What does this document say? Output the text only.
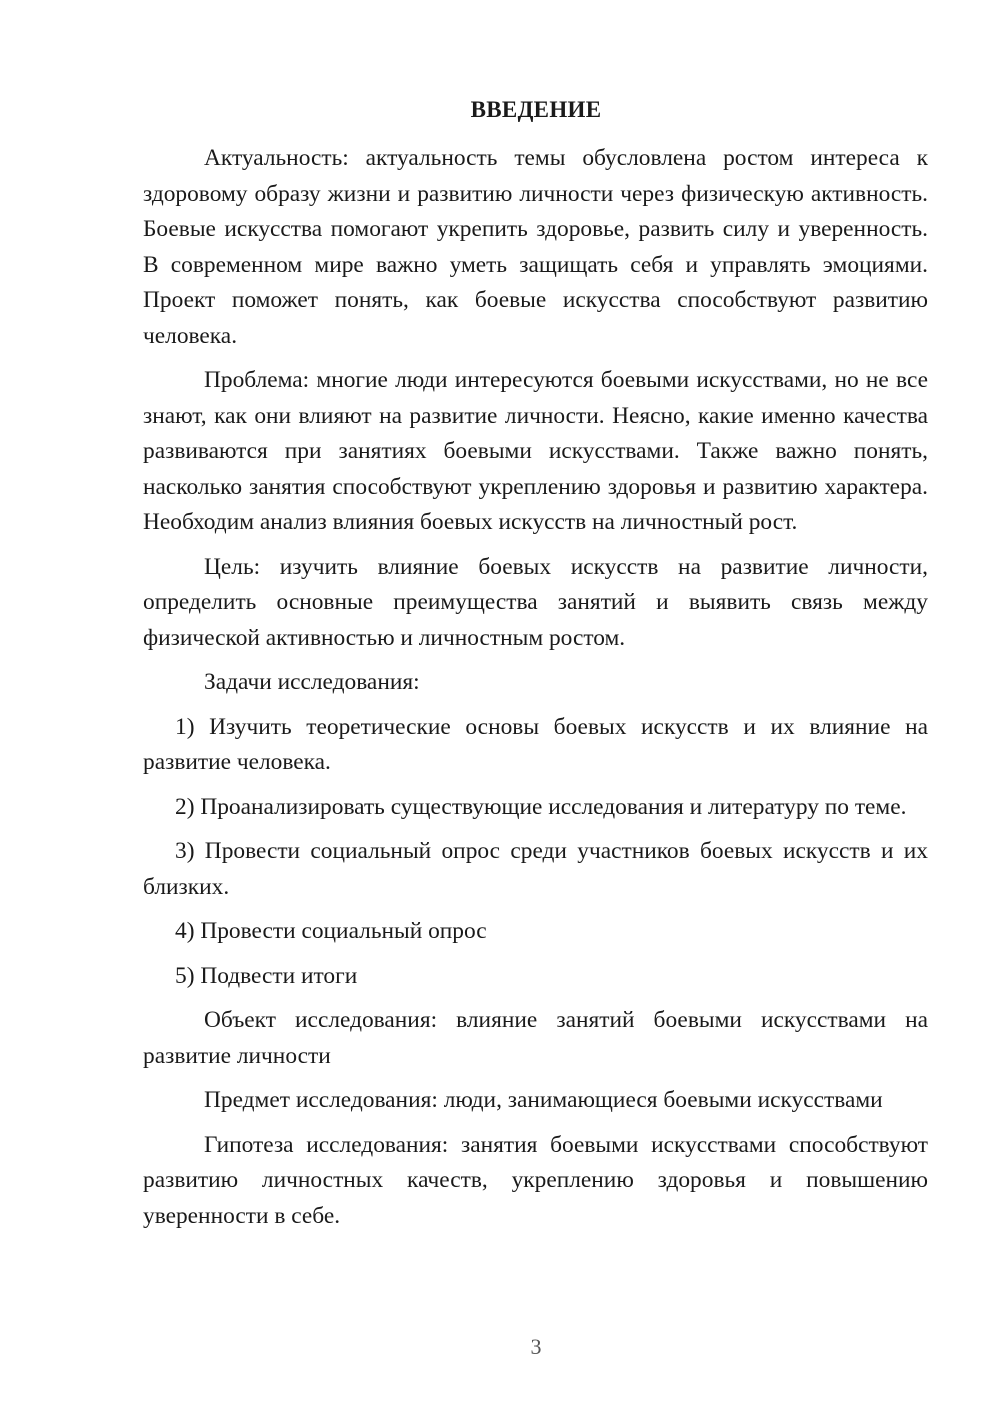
ВВЕДЕНИЕ

Актуальность: актуальность темы обусловлена ростом интереса к здоровому образу жизни и развитию личности через физическую активность. Боевые искусства помогают укрепить здоровье, развить силу и уверенность. В современном мире важно уметь защищать себя и управлять эмоциями. Проект поможет понять, как боевые искусства способствуют развитию человека.

Проблема: многие люди интересуются боевыми искусствами, но не все знают, как они влияют на развитие личности. Неясно, какие именно качества развиваются при занятиях боевыми искусствами. Также важно понять, насколько занятия способствуют укреплению здоровья и развитию характера. Необходим анализ влияния боевых искусств на личностный рост.

Цель: изучить влияние боевых искусств на развитие личности, определить основные преимущества занятий и выявить связь между физической активностью и личностным ростом.

Задачи исследования:

1) Изучить теоретические основы боевых искусств и их влияние на развитие человека.

2) Проанализировать существующие исследования и литературу по теме.

3) Провести социальный опрос среди участников боевых искусств и их близких.

4) Провести социальный опрос

5) Подвести итоги

Объект исследования: влияние занятий боевыми искусствами на развитие личности

Предмет исследования: люди, занимающиеся боевыми искусствами

Гипотеза исследования: занятия боевыми искусствами способствуют развитию личностных качеств, укреплению здоровья и повышению уверенности в себе.

3
